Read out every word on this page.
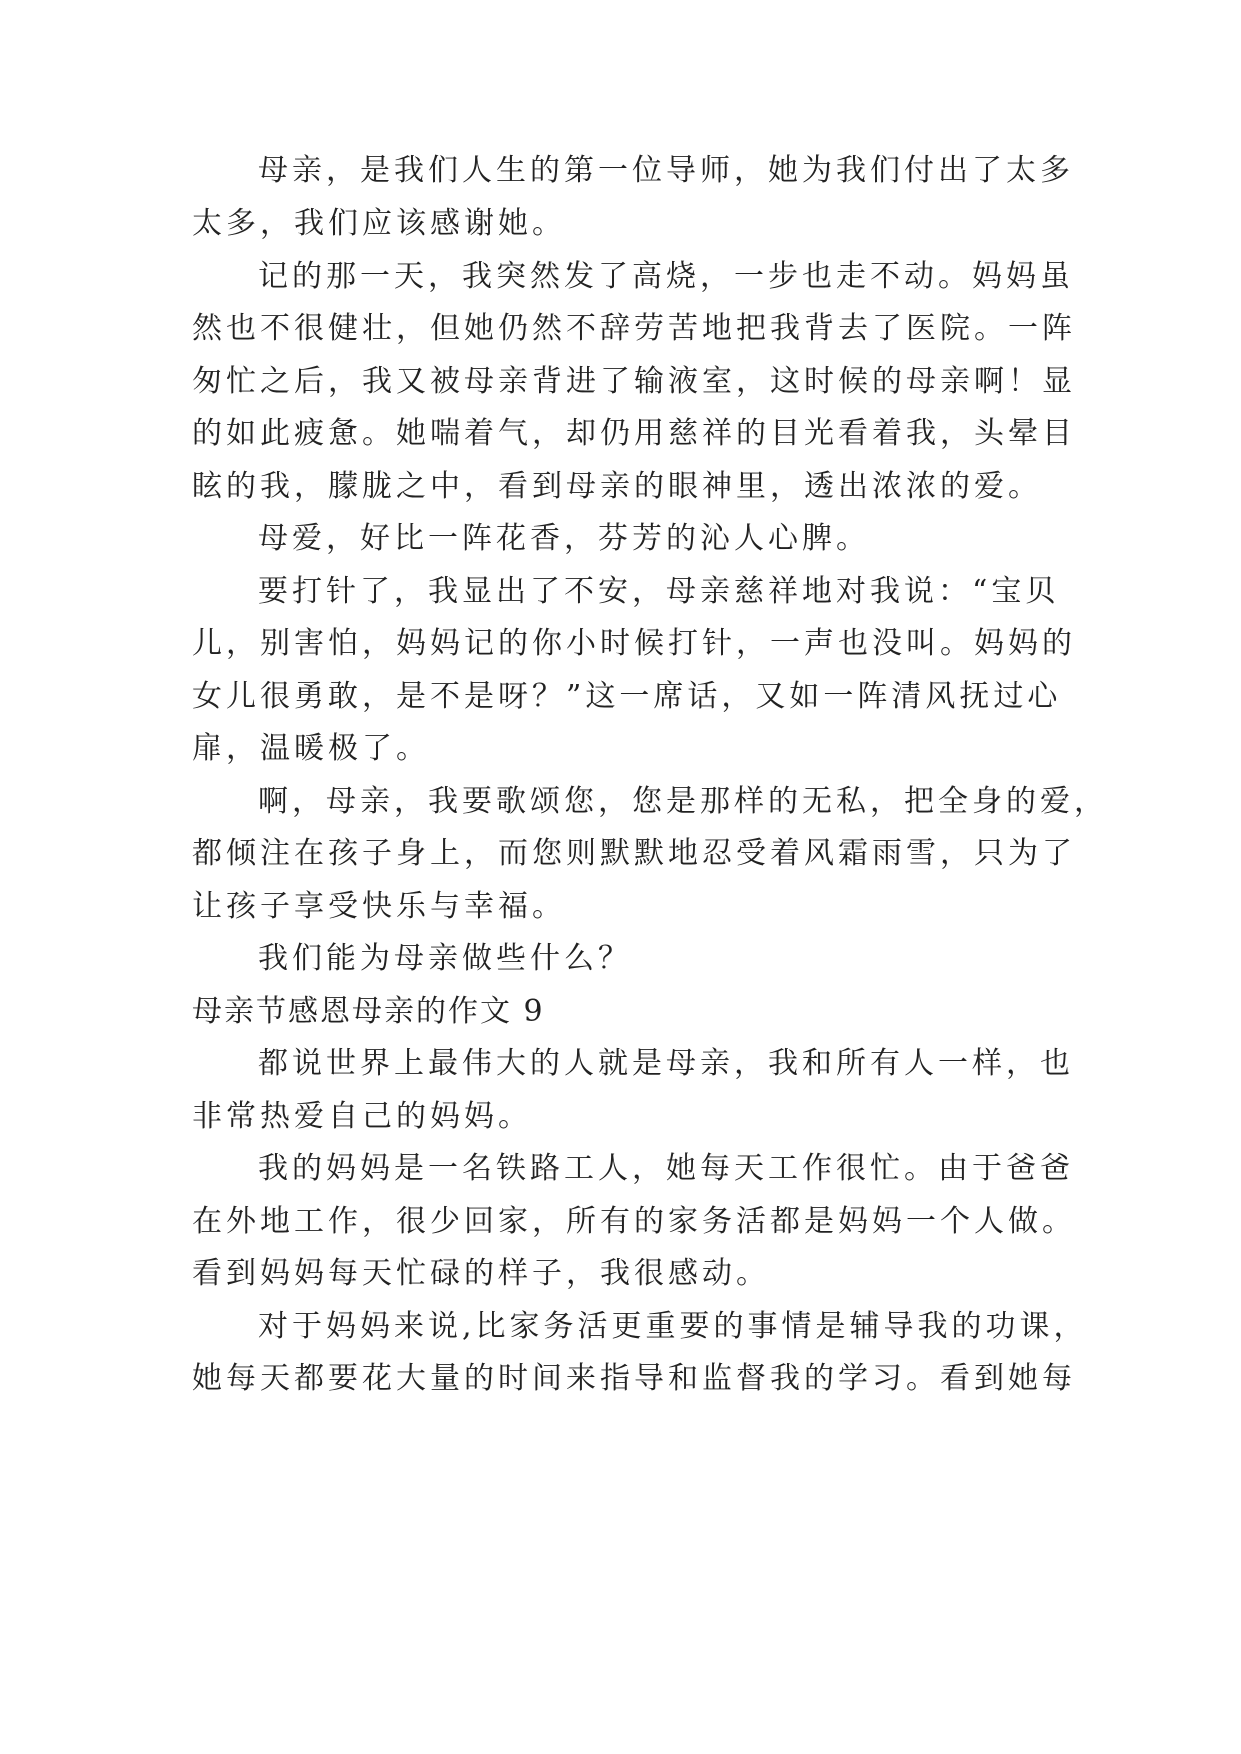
母亲，是我们人生的第一位导师，她为我们付出了太多
太多，我们应该感谢她。
记的那一天，我突然发了高烧，一步也走不动。妈妈虽
然也不很健壮，但她仍然不辞劳苦地把我背去了医院。一阵
匆忙之后，我又被母亲背进了输液室，这时候的母亲啊！显
的如此疲惫。她喘着气，却仍用慈祥的目光看着我，头晕目
眩的我，朦胧之中，看到母亲的眼神里，透出浓浓的爱。
母爱，好比一阵花香，芬芳的沁人心脾。
要打针了，我显出了不安，母亲慈祥地对我说：“宝贝
儿，别害怕，妈妈记的你小时候打针，一声也没叫。妈妈的
女儿很勇敢，是不是呀？”这一席话，又如一阵清风抚过心
扉，温暖极了。
啊，母亲，我要歌颂您，您是那样的无私，把全身的爱，
都倾注在孩子身上，而您则默默地忍受着风霜雨雪，只为了
让孩子享受快乐与幸福。
我们能为母亲做些什么？
母亲节感恩母亲的作文 9
都说世界上最伟大的人就是母亲，我和所有人一样，也
非常热爱自己的妈妈。
我的妈妈是一名铁路工人，她每天工作很忙。由于爸爸
在外地工作，很少回家，所有的家务活都是妈妈一个人做。
看到妈妈每天忙碌的样子，我很感动。
对于妈妈来说,比家务活更重要的事情是辅导我的功课，
她每天都要花大量的时间来指导和监督我的学习。看到她每
